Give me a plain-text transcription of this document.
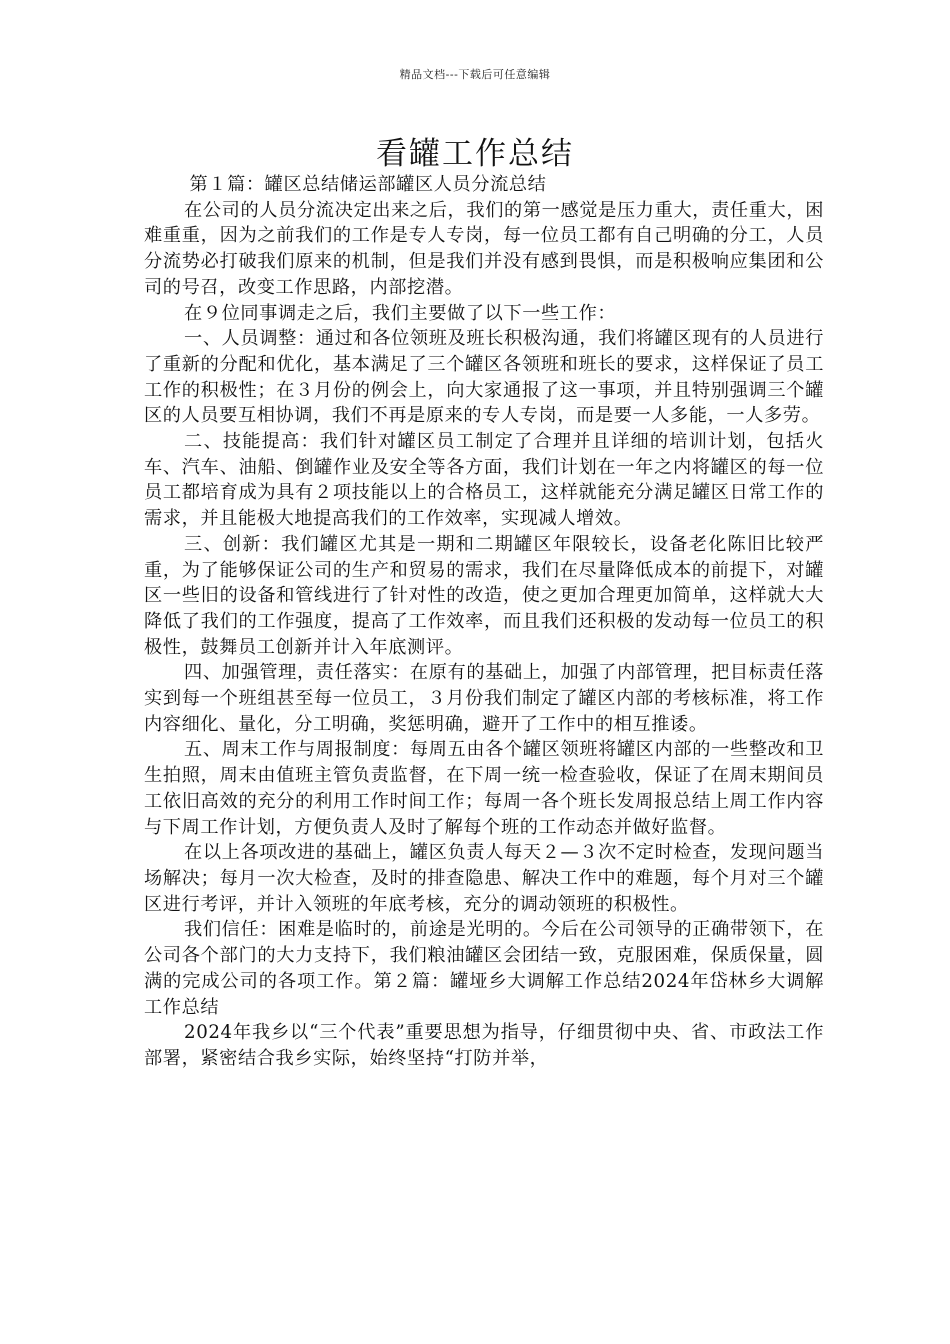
精品文档---下载后可任意编辑
看罐工作总结

第１篇：罐区总结储运部罐区人员分流总结

在公司的人员分流决定出来之后，我们的第一感觉是压力重大，责任重大，困难重重，因为之前我们的工作是专人专岗，每一位员工都有自己明确的分工，人员分流势必打破我们原来的机制，但是我们并没有感到畏惧，而是积极响应集团和公司的号召，改变工作思路，内部挖潜。

在９位同事调走之后，我们主要做了以下一些工作：

一、人员调整：通过和各位领班及班长积极沟通，我们将罐区现有的人员进行了重新的分配和优化，基本满足了三个罐区各领班和班长的要求，这样保证了员工工作的积极性；在３月份的例会上，向大家通报了这一事项，并且特别强调三个罐区的人员要互相协调，我们不再是原来的专人专岗，而是要一人多能，一人多劳。

二、技能提高：我们针对罐区员工制定了合理并且详细的培训计划，包括火车、汽车、油船、倒罐作业及安全等各方面，我们计划在一年之内将罐区的每一位员工都培育成为具有２项技能以上的合格员工，这样就能充分满足罐区日常工作的需求，并且能极大地提高我们的工作效率，实现减人增效。

三、创新：我们罐区尤其是一期和二期罐区年限较长，设备老化陈旧比较严重，为了能够保证公司的生产和贸易的需求，我们在尽量降低成本的前提下，对罐区一些旧的设备和管线进行了针对性的改造，使之更加合理更加简单，这样就大大降低了我们的工作强度，提高了工作效率，而且我们还积极的发动每一位员工的积极性，鼓舞员工创新并计入年底测评。

四、加强管理，责任落实：在原有的基础上，加强了内部管理，把目标责任落实到每一个班组甚至每一位员工，３月份我们制定了罐区内部的考核标准，将工作内容细化、量化，分工明确，奖惩明确，避开了工作中的相互推诿。

五、周末工作与周报制度：每周五由各个罐区领班将罐区内部的一些整改和卫生拍照，周末由值班主管负责监督，在下周一统一检查验收，保证了在周末期间员工依旧高效的充分的利用工作时间工作；每周一各个班长发周报总结上周工作内容与下周工作计划，方便负责人及时了解每个班的工作动态并做好监督。

在以上各项改进的基础上，罐区负责人每天２—３次不定时检查，发现问题当场解决；每月一次大检查，及时的排查隐患、解决工作中的难题，每个月对三个罐区进行考评，并计入领班的年底考核，充分的调动领班的积极性。

我们信任：困难是临时的，前途是光明的。今后在公司领导的正确带领下，在公司各个部门的大力支持下，我们粮油罐区会团结一致，克服困难，保质保量，圆满的完成公司的各项工作。第２篇：罐垭乡大调解工作总结2024年岱林乡大调解工作总结

2024年我乡以“三个代表”重要思想为指导，仔细贯彻中央、省、市政法工作部署，紧密结合我乡实际，始终坚持“打防并举，
